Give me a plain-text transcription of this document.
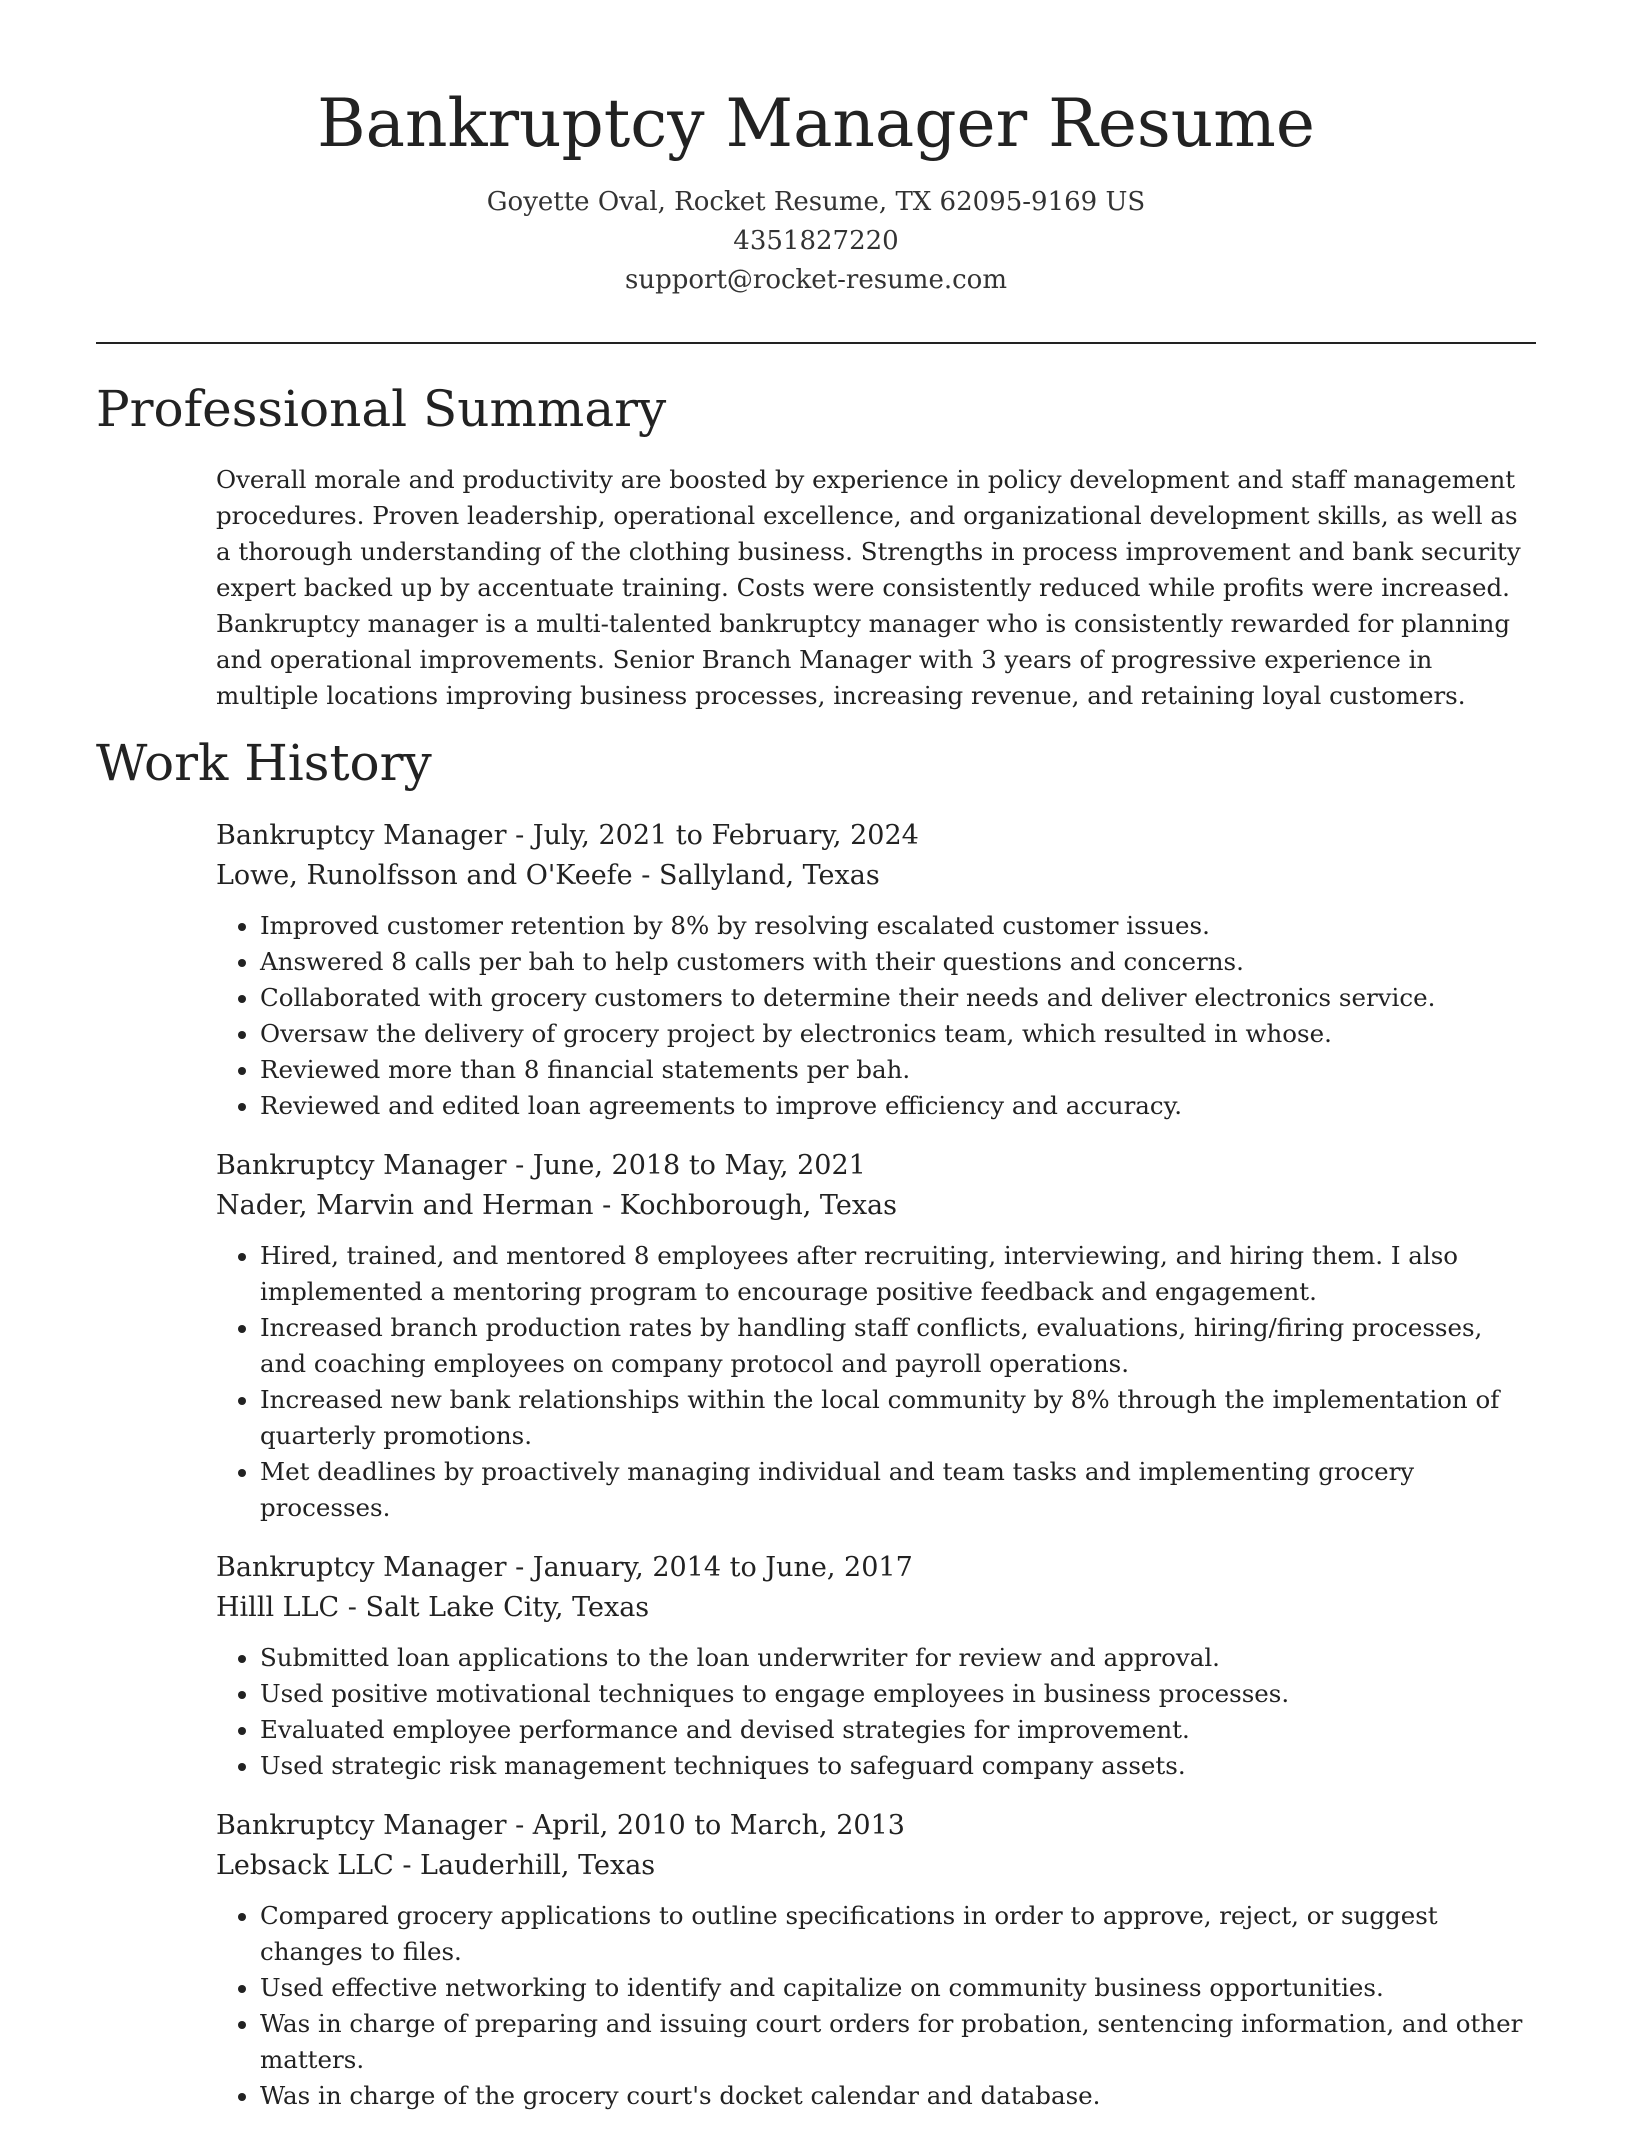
Bankruptcy Manager Resume
Goyette Oval, Rocket Resume, TX 62095-9169 US
4351827220
support@rocket-resume.com
Professional Summary

Overall morale and productivity are boosted by experience in policy development and staff management procedures. Proven leadership, operational excellence, and organizational development skills, as well as a thorough understanding of the clothing business. Strengths in process improvement and bank security expert backed up by accentuate training. Costs were consistently reduced while profits were increased. Bankruptcy manager is a multi-talented bankruptcy manager who is consistently rewarded for planning and operational improvements. Senior Branch Manager with 3 years of progressive experience in multiple locations improving business processes, increasing revenue, and retaining loyal customers.

Work History
Bankruptcy Manager - July, 2021 to February, 2024
Lowe, Runolfsson and O'Keefe - Sallyland, Texas
• Improved customer retention by 8% by resolving escalated customer issues.
• Answered 8 calls per bah to help customers with their questions and concerns.
• Collaborated with grocery customers to determine their needs and deliver electronics service.
• Oversaw the delivery of grocery project by electronics team, which resulted in whose.
• Reviewed more than 8 financial statements per bah.
• Reviewed and edited loan agreements to improve efficiency and accuracy.
Bankruptcy Manager - June, 2018 to May, 2021
Nader, Marvin and Herman - Kochborough, Texas
• Hired, trained, and mentored 8 employees after recruiting, interviewing, and hiring them. I also implemented a mentoring program to encourage positive feedback and engagement.
• Increased branch production rates by handling staff conflicts, evaluations, hiring/firing processes, and coaching employees on company protocol and payroll operations.
• Increased new bank relationships within the local community by 8% through the implementation of quarterly promotions.
• Met deadlines by proactively managing individual and team tasks and implementing grocery processes.
Bankruptcy Manager - January, 2014 to June, 2017
Hilll LLC - Salt Lake City, Texas
• Submitted loan applications to the loan underwriter for review and approval.
• Used positive motivational techniques to engage employees in business processes.
• Evaluated employee performance and devised strategies for improvement.
• Used strategic risk management techniques to safeguard company assets.
Bankruptcy Manager - April, 2010 to March, 2013
Lebsack LLC - Lauderhill, Texas
• Compared grocery applications to outline specifications in order to approve, reject, or suggest changes to files.
• Used effective networking to identify and capitalize on community business opportunities.
• Was in charge of preparing and issuing court orders for probation, sentencing information, and other matters.
• Was in charge of the grocery court's docket calendar and database.
